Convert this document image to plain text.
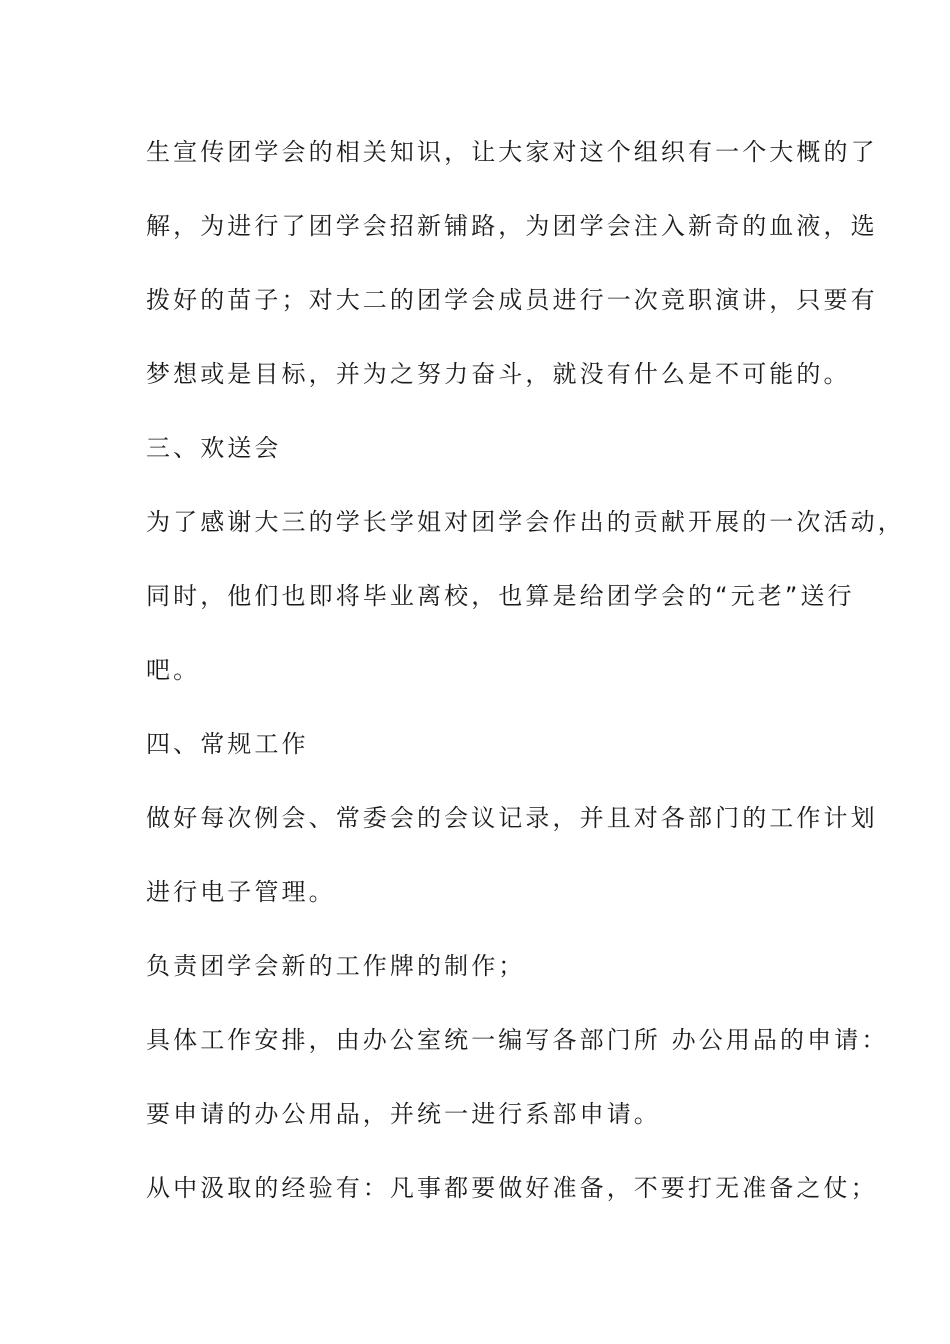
生宣传团学会的相关知识，让大家对这个组织有一个大概的了
解，为进行了团学会招新铺路，为团学会注入新奇的血液，选
拨好的苗子；对大二的团学会成员进行一次竞职演讲，只要有
梦想或是目标，并为之努力奋斗，就没有什么是不可能的。
三、欢送会
为了感谢大三的学长学姐对团学会作出的贡献开展的一次活动，
同时，他们也即将毕业离校，也算是给团学会的“元老”送行
吧。
四、常规工作
做好每次例会、常委会的会议记录，并且对各部门的工作计划
进行电子管理。
负责团学会新的工作牌的制作；
具体工作安排，由办公室统一编写各部门所 办公用品的申请：
要申请的办公用品，并统一进行系部申请。
从中汲取的经验有：凡事都要做好准备，不要打无准备之仗；
